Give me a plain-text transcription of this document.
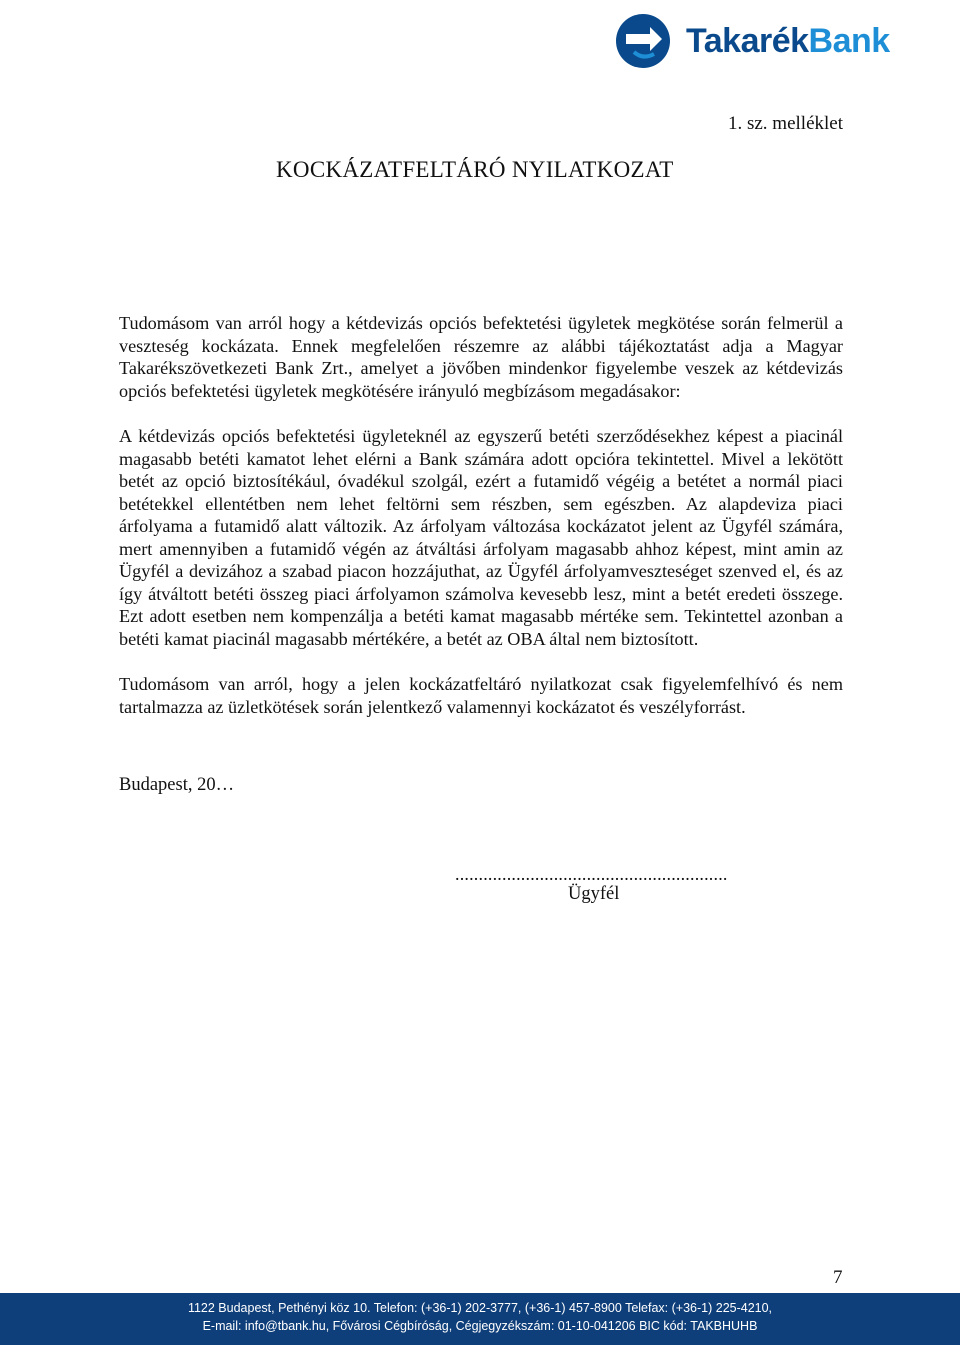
TakarékBank
1. sz. melléklet
KOCKÁZATFELTÁRÓ NYILATKOZAT

Tudomásom van arról hogy a kétdevizás opciós befektetési ügyletek megkötése során felmerül a veszteség kockázata. Ennek megfelelően részemre az alábbi tájékoztatást adja a Magyar Takarékszövetkezeti Bank Zrt., amelyet a jövőben mindenkor figyelembe veszek az kétdevizás opciós befektetési ügyletek megkötésére irányuló megbízásom megadásakor:

A kétdevizás opciós befektetési ügyleteknél az egyszerű betéti szerződésekhez képest a piacinál magasabb betéti kamatot lehet elérni a Bank számára adott opcióra tekintettel. Mivel a lekötött betét az opció biztosítékául, óvadékul szolgál, ezért a futamidő végéig a betétet a normál piaci betétekkel ellentétben nem lehet feltörni sem részben, sem egészben. Az alapdeviza piaci árfolyama a futamidő alatt változik. Az árfolyam változása kockázatot jelent az Ügyfél számára, mert amennyiben a futamidő végén az átváltási árfolyam magasabb ahhoz képest, mint amin az Ügyfél a devizához a szabad piacon hozzájuthat, az Ügyfél árfolyamveszteséget szenved el, és az így átváltott betéti összeg piaci árfolyamon számolva kevesebb lesz, mint a betét eredeti összege. Ezt adott esetben nem kompenzálja a betéti kamat magasabb mértéke sem. Tekintettel azonban a betéti kamat piacinál magasabb mértékére, a betét az OBA által nem biztosított.

Tudomásom van arról, hogy a jelen kockázatfeltáró nyilatkozat csak figyelemfelhívó és nem tartalmazza az üzletkötések során jelentkező valamennyi kockázatot és veszélyforrást.

Budapest, 20…
..........................................................
Ügyfél
7
1122 Budapest, Pethényi köz 10. Telefon: (+36-1) 202-3777, (+36-1) 457-8900 Telefax: (+36-1) 225-4210,
E-mail: info@tbank.hu, Fővárosi Cégbíróság, Cégjegyzékszám: 01-10-041206 BIC kód: TAKBHUHB
